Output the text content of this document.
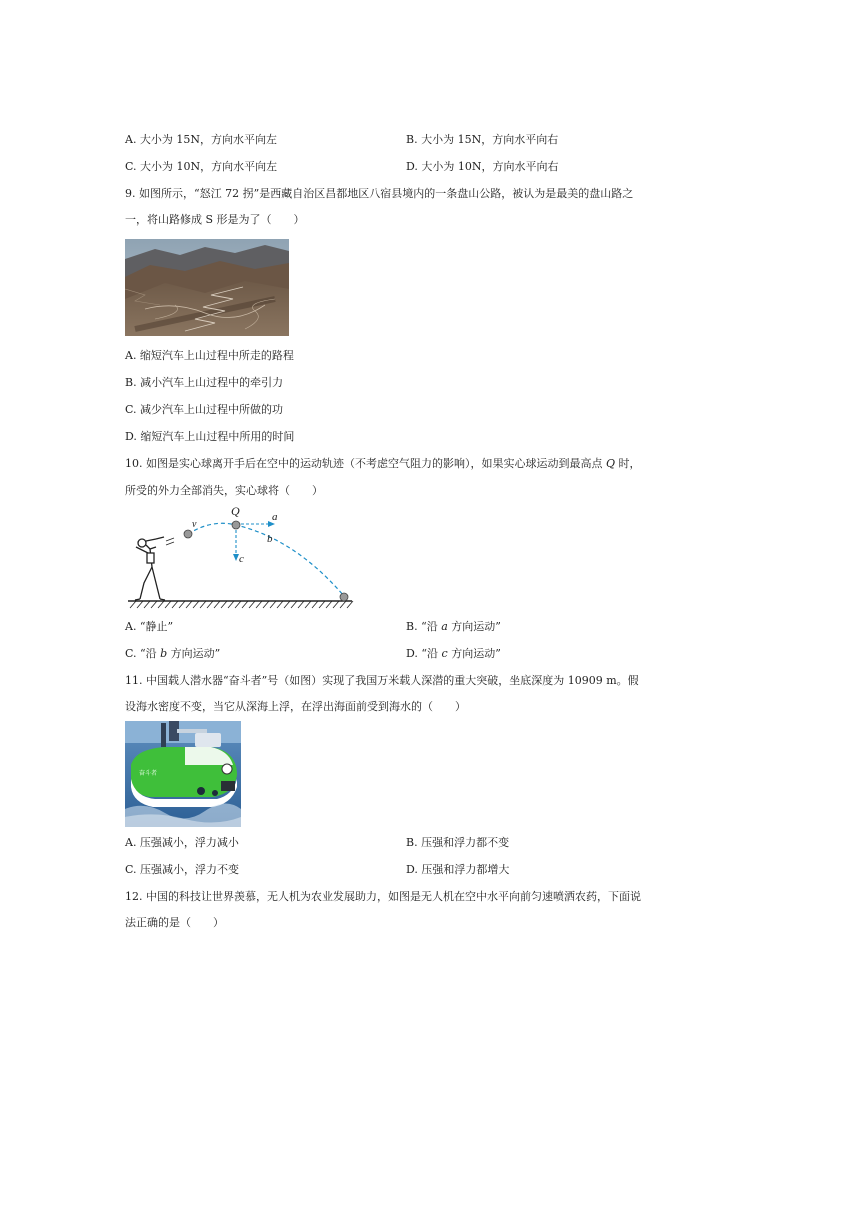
A. 大小为 15N，方向水平向左	B. 大小为 15N，方向水平向右
C. 大小为 10N，方向水平向左	D. 大小为 10N，方向水平向右
9. 如图所示，“怒江 72 拐”是西藏自治区昌都地区八宿县境内的一条盘山公路，被认为是最美的盘山路之
一，将山路修成 S 形是为了（　　）
A. 缩短汽车上山过程中所走的路程
B. 减小汽车上山过程中的牵引力
C. 减少汽车上山过程中所做的功
D. 缩短汽车上山过程中所用的时间
10. 如图是实心球离开手后在空中的运动轨迹（不考虑空气阻力的影响），如果实心球运动到最高点 Q 时，
所受的外力全部消失，实心球将（　　）
Q
v
a
b
c
A. “静止”	B. “沿 a 方向运动”
C. “沿 b 方向运动”	D. “沿 c 方向运动”
11. 中国载人潜水器“奋斗者”号（如图）实现了我国万米载人深潜的重大突破，坐底深度为 10909 m。假
设海水密度不变，当它从深海上浮，在浮出海面前受到海水的（　　）
奋斗者
A. 压强减小，浮力减小	B. 压强和浮力都不变
C. 压强减小，浮力不变	D. 压强和浮力都增大
12. 中国的科技让世界羡慕，无人机为农业发展助力，如图是无人机在空中水平向前匀速喷洒农药，下面说
法正确的是（　　）
